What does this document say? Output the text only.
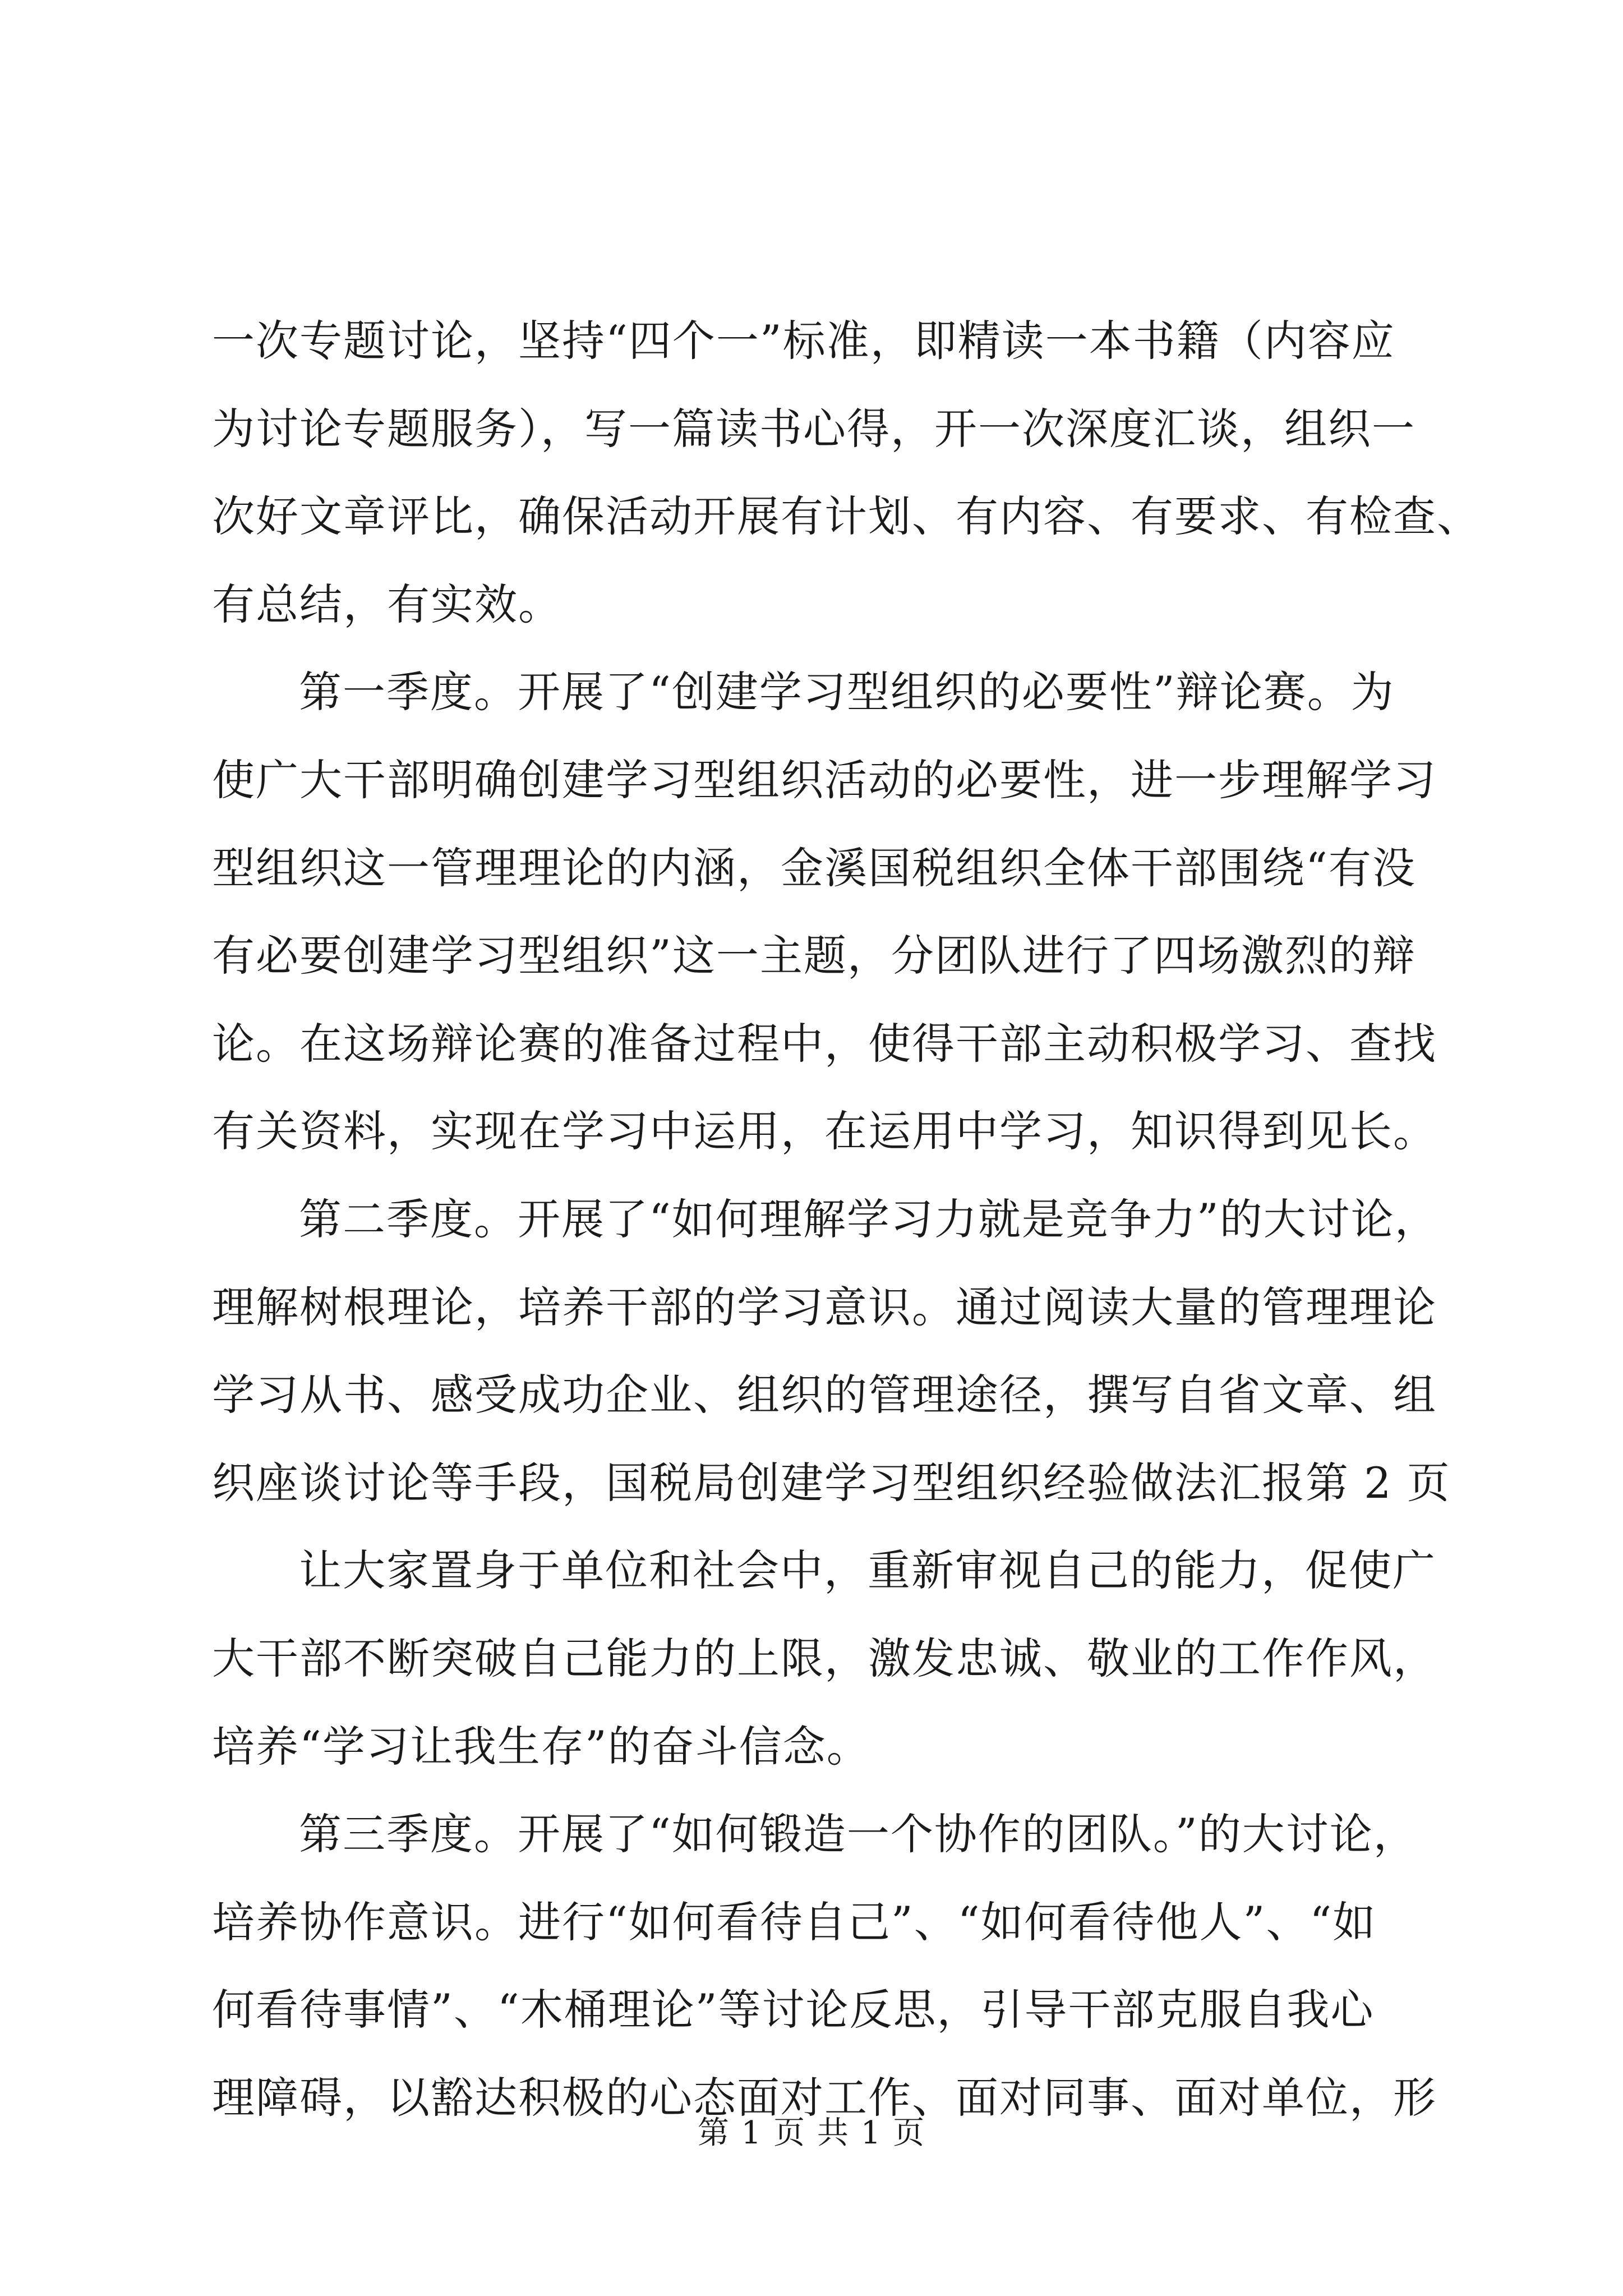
一次专题讨论，坚持“四个一”标准，即精读一本书籍（内容应
为讨论专题服务），写一篇读书心得，开一次深度汇谈，组织一
次好文章评比，确保活动开展有计划、有内容、有要求、有检查、
有总结，有实效。
第一季度。开展了“创建学习型组织的必要性”辩论赛。为
使广大干部明确创建学习型组织活动的必要性，进一步理解学习
型组织这一管理理论的内涵，金溪国税组织全体干部围绕“有没
有必要创建学习型组织”这一主题，分团队进行了四场激烈的辩
论。在这场辩论赛的准备过程中，使得干部主动积极学习、查找
有关资料，实现在学习中运用，在运用中学习，知识得到见长。
第二季度。开展了“如何理解学习力就是竞争力”的大讨论，
理解树根理论，培养干部的学习意识。通过阅读大量的管理理论
学习从书、感受成功企业、组织的管理途径，撰写自省文章、组
织座谈讨论等手段，国税局创建学习型组织经验做法汇报第 2 页
让大家置身于单位和社会中，重新审视自己的能力，促使广
大干部不断突破自己能力的上限，激发忠诚、敬业的工作作风，
培养“学习让我生存”的奋斗信念。
第三季度。开展了“如何锻造一个协作的团队。”的大讨论，
培养协作意识。进行“如何看待自己”、“如何看待他人”、“如
何看待事情”、“木桶理论”等讨论反思，引导干部克服自我心
理障碍，以豁达积极的心态面对工作、面对同事、面对单位，形
第 1 页 共 1 页
